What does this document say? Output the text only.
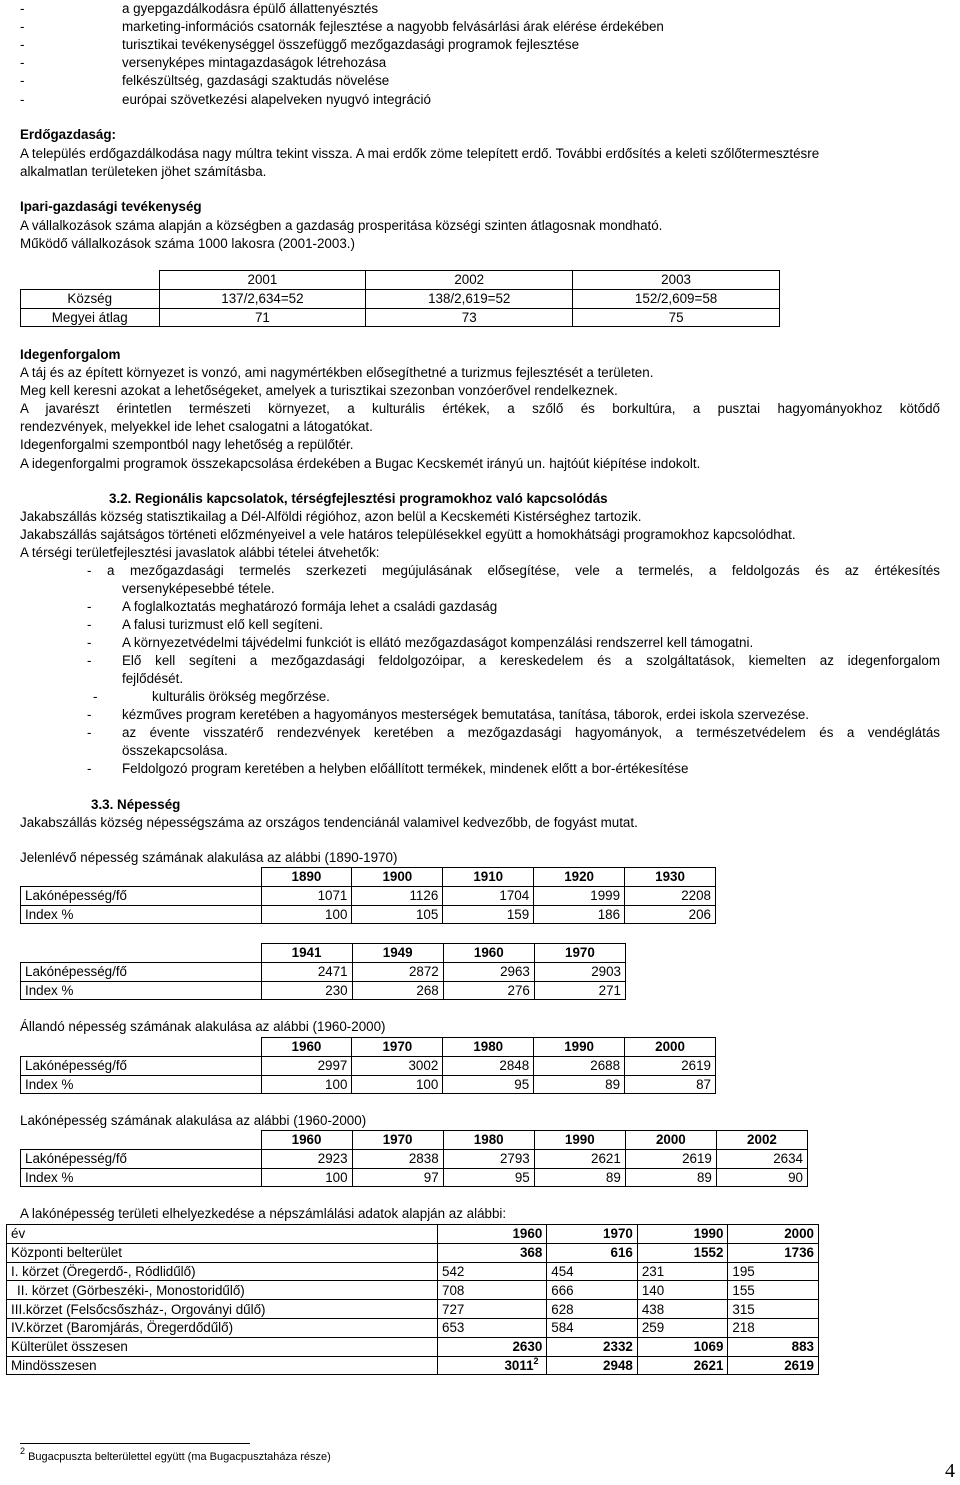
-	a gyepgazdálkodásra épülő állattenyésztés
-	marketing-információs csatornák fejlesztése a nagyobb felvásárlási árak elérése érdekében
-	turisztikai tevékenységgel összefüggő mezőgazdasági programok fejlesztése
-	versenyképes mintagazdaságok létrehozása
-	felkészültség, gazdasági szaktudás növelése
-	európai szövetkezési alapelveken nyugvó integráció
Erdőgazdaság:
A település erdőgazdálkodása nagy múltra tekint vissza. A mai erdők zöme telepített erdő. További erdősítés a keleti szőlőtermesztésre
alkalmatlan területeken jöhet számításba.
Ipari-gazdasági tevékenység
A vállalkozások száma alapján a községben a gazdaság prosperitása községi szinten átlagosnak mondható.
Működő vállalkozások száma 1000 lakosra (2001-2003.)
	2001	2002	2003
Község	137/2,634=52	138/2,619=52	152/2,609=58
Megyei átlag	71	73	75
Idegenforgalom
A táj és az épített környezet is vonzó, ami nagymértékben elősegíthetné a turizmus fejlesztését a területen.
Meg kell keresni azokat a lehetőségeket, amelyek a turisztikai szezonban vonzóerővel rendelkeznek.
A javarészt érintetlen természeti környezet, a kulturális értékek, a szőlő és borkultúra, a pusztai hagyományokhoz kötődő
rendezvények, melyekkel ide lehet csalogatni a látogatókat.
Idegenforgalmi szempontból nagy lehetőség a repülőtér.
A idegenforgalmi programok összekapcsolása érdekében a Bugac Kecskemét irányú un. hajtóút kiépítése indokolt.
3.2. Regionális kapcsolatok, térségfejlesztési programokhoz való kapcsolódás
Jakabszállás község statisztikailag a Dél-Alföldi régióhoz, azon belül a Kecskeméti Kistérséghez tartozik.
Jakabszállás sajátságos történeti előzményeivel a vele határos településekkel együtt a homokhátsági programokhoz kapcsolódhat.
A térségi területfejlesztési javaslatok alábbi tételei átvehetők:
- a mezőgazdasági termelés szerkezeti megújulásának elősegítése, vele a termelés, a feldolgozás és az értékesítés
versenyképesebbé tétele.
- A foglalkoztatás meghatározó formája lehet a családi gazdaság
- A falusi turizmust elő kell segíteni.
- A környezetvédelmi tájvédelmi funkciót is ellátó mezőgazdaságot kompenzálási rendszerrel kell támogatni.
- Elő kell segíteni a mezőgazdasági feldolgozóipar, a kereskedelem és a szolgáltatások, kiemelten az idegenforgalom
fejlődését.
-	kulturális örökség megőrzése.
- kézműves program keretében a hagyományos mesterségek bemutatása, tanítása, táborok, erdei iskola szervezése.
- az évente visszatérő rendezvények keretében a mezőgazdasági hagyományok, a természetvédelem és a vendéglátás
összekapcsolása.
- Feldolgozó program keretében a helyben előállított termékek, mindenek előtt a bor-értékesítése
3.3. Népesség
Jakabszállás község népességszáma az országos tendenciánál valamivel kedvezőbb, de fogyást mutat.
Jelenlévő népesség számának alakulása az alábbi (1890-1970)
	1890	1900	1910	1920	1930
Lakónépesség/fő	1071	1126	1704	1999	2208
Index %	100	105	159	186	206
	1941	1949	1960	1970
Lakónépesség/fő	2471	2872	2963	2903
Index %	230	268	276	271
Állandó népesség számának alakulása az alábbi (1960-2000)
	1960	1970	1980	1990	2000
Lakónépesség/fő	2997	3002	2848	2688	2619
Index %	100	100	95	89	87
Lakónépesség számának alakulása az alábbi (1960-2000)
	1960	1970	1980	1990	2000	2002
Lakónépesség/fő	2923	2838	2793	2621	2619	2634
Index %	100	97	95	89	89	90
A lakónépesség területi elhelyezkedése a népszámlálási adatok alapján az alábbi:
év	1960	1970	1990	2000
Központi belterület	368	616	1552	1736
I. körzet (Öregerdő-, Ródlidűlő)	542	454	231	195
II. körzet (Görbeszéki-, Monostoridűlő)	708	666	140	155
III.körzet (Felsőcsőszház-, Orgoványi dűlő)	727	628	438	315
IV.körzet (Baromjárás, Öregerdődűlő)	653	584	259	218
Külterület összesen	2630	2332	1069	883
Mindösszesen	3011$^2$	2948	2621	2619
$^2$ Bugacpuszta belterülettel együtt (ma Bugacpusztaháza része)
4
